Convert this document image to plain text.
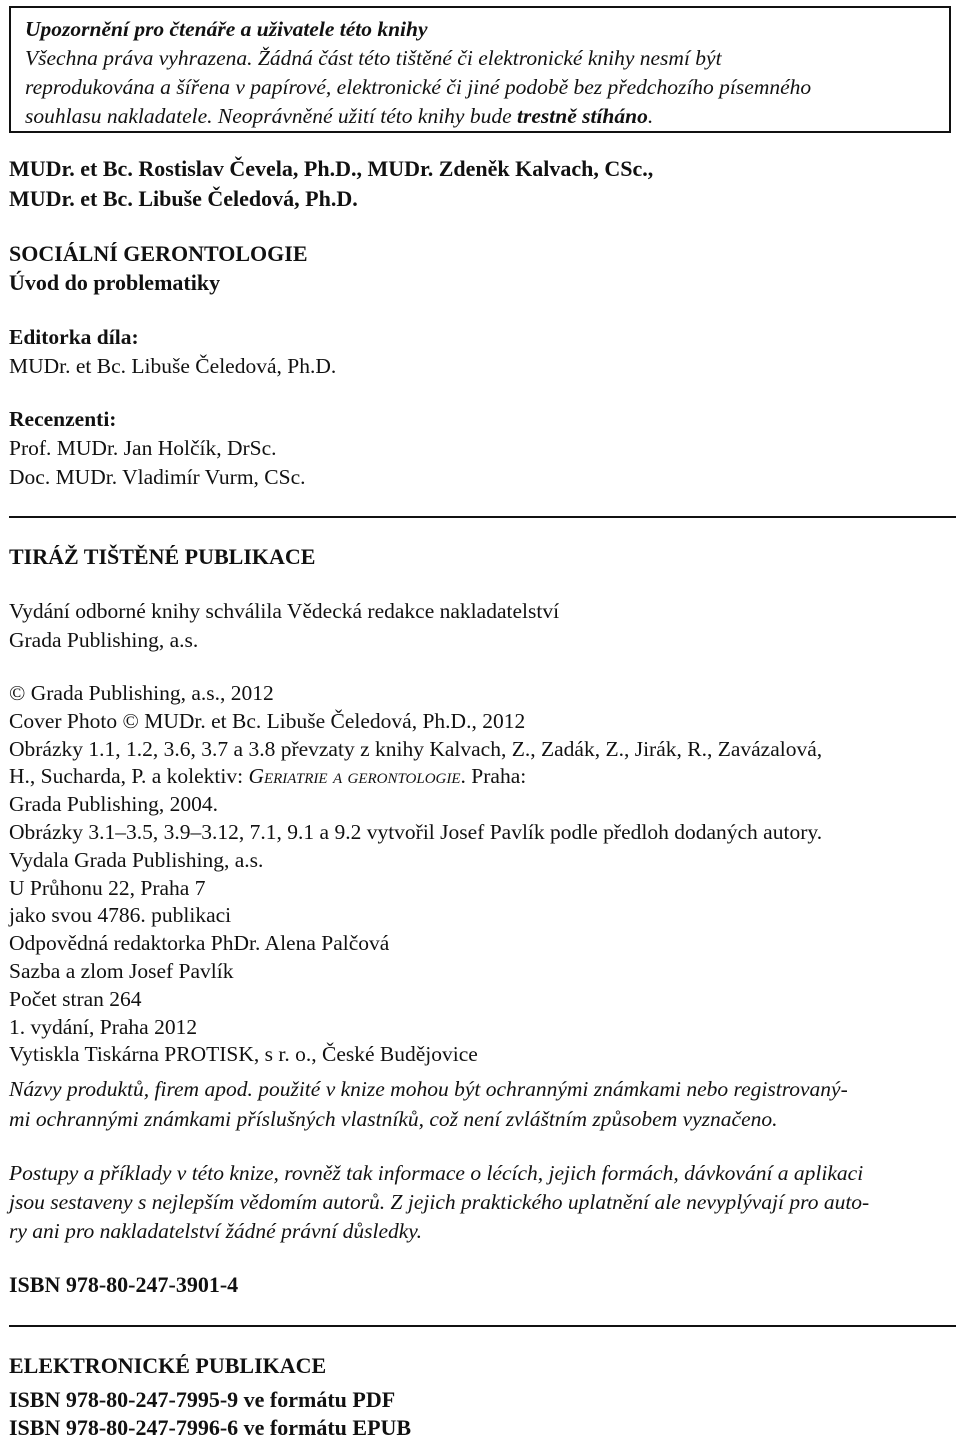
Upozornění pro čtenáře a uživatele této knihy
Všechna práva vyhrazena. Žádná část této tištěné či elektronické knihy nesmí být
reprodukována a šířena v papírové, elektronické či jiné podobě bez předchozího písemného
souhlasu nakladatele. Neoprávněné užití této knihy bude trestně stíháno.
MUDr. et Bc. Rostislav Čevela, Ph.D., MUDr. Zdeněk Kalvach, CSc.,
MUDr. et Bc. Libuše Čeledová, Ph.D.
SOCIÁLNÍ GERONTOLOGIE
Úvod do problematiky
Editorka díla:
MUDr. et Bc. Libuše Čeledová, Ph.D.
Recenzenti:
Prof. MUDr. Jan Holčík, DrSc.
Doc. MUDr. Vladimír Vurm, CSc.
TIRÁŽ TIŠTĚNÉ PUBLIKACE
Vydání odborné knihy schválila Vědecká redakce nakladatelství
Grada Publishing, a.s.
© Grada Publishing, a.s., 2012
Cover Photo © MUDr. et Bc. Libuše Čeledová, Ph.D., 2012
Obrázky 1.1, 1.2, 3.6, 3.7 a 3.8 převzaty z knihy Kalvach, Z., Zadák, Z., Jirák, R., Zavázalová,
H., Sucharda, P. a kolektiv: Geriatrie a gerontologie. Praha:
Grada Publishing, 2004.
Obrázky 3.1–3.5, 3.9–3.12, 7.1, 9.1 a 9.2 vytvořil Josef Pavlík podle předloh dodaných autory.
Vydala Grada Publishing, a.s.
U Průhonu 22, Praha 7
jako svou 4786. publikaci
Odpovědná redaktorka PhDr. Alena Palčová
Sazba a zlom Josef Pavlík
Počet stran 264
1. vydání, Praha 2012
Vytiskla Tiskárna PROTISK, s r. o., České Budějovice
Názvy produktů, firem apod. použité v knize mohou být ochrannými známkami nebo registrovaný-
mi ochrannými známkami příslušných vlastníků, což není zvláštním způsobem vyznačeno.
Postupy a příklady v této knize, rovněž tak informace o lécích, jejich formách, dávkování a aplikaci
jsou sestaveny s nejlepším vědomím autorů. Z jejich praktického uplatnění ale nevyplývají pro auto-
ry ani pro nakladatelství žádné právní důsledky.
ISBN 978-80-247-3901-4
ELEKTRONICKÉ PUBLIKACE
ISBN 978-80-247-7995-9 ve formátu PDF
ISBN 978-80-247-7996-6 ve formátu EPUB
